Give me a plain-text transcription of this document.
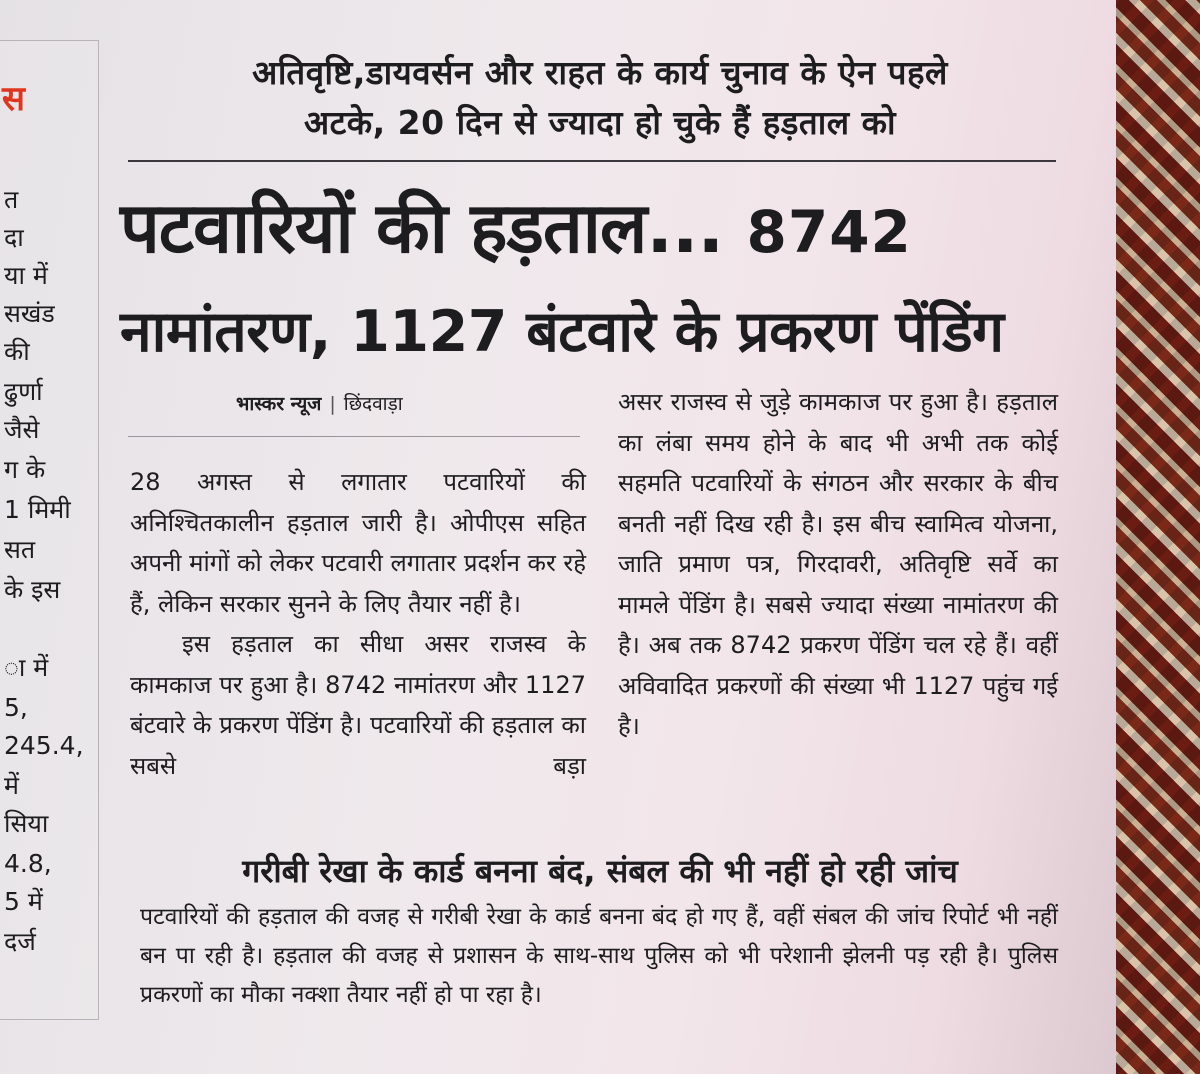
स
त
दा
या में
सखंड
की
ढुर्णा
जैसे
ग के
1 मिमी
सत
के इस
ा में
5,
245.4,
में
सिया
4.8,
5 में
दर्ज
अतिवृष्टि,डायवर्सन और राहत के कार्य चुनाव के ऐन पहले
अटके, 20 दिन से ज्यादा हो चुके हैं हड़ताल को
पटवारियों की हड़ताल... 8742
नामांतरण, 1127 बंटवारे के प्रकरण पेंडिंग
भास्कर न्यूज | छिंदवाड़ा

28 अगस्त से लगातार पटवारियों की अनिश्चितकालीन हड़ताल जारी है। ओपीएस सहित अपनी मांगों को लेकर पटवारी लगातार प्रदर्शन कर रहे हैं, लेकिन सरकार सुनने के लिए तैयार नहीं है।

इस हड़ताल का सीधा असर राजस्व के कामकाज पर हुआ है। 8742 नामांतरण और 1127 बंटवारे के प्रकरण पेंडिंग है। पटवारियों की हड़ताल का सबसे बड़ा

असर राजस्व से जुड़े कामकाज पर हुआ है। हड़ताल का लंबा समय होने के बाद भी अभी तक कोई सहमति पटवारियों के संगठन और सरकार के बीच बनती नहीं दिख रही है। इस बीच स्वामित्व योजना, जाति प्रमाण पत्र, गिरदावरी, अतिवृष्टि सर्वे का मामले पेंडिंग है। सबसे ज्यादा संख्या नामांतरण की है। अब तक 8742 प्रकरण पेंडिंग चल रहे हैं। वहीं अविवादित प्रकरणों की संख्या भी 1127 पहुंच गई है।

गरीबी रेखा के कार्ड बनना बंद, संबल की भी नहीं हो रही जांच

पटवारियों की हड़ताल की वजह से गरीबी रेखा के कार्ड बनना बंद हो गए हैं, वहीं संबल की जांच रिपोर्ट भी नहीं बन पा रही है। हड़ताल की वजह से प्रशासन के साथ-साथ पुलिस को भी परेशानी झेलनी पड़ रही है। पुलिस प्रकरणों का मौका नक्शा तैयार नहीं हो पा रहा है।
